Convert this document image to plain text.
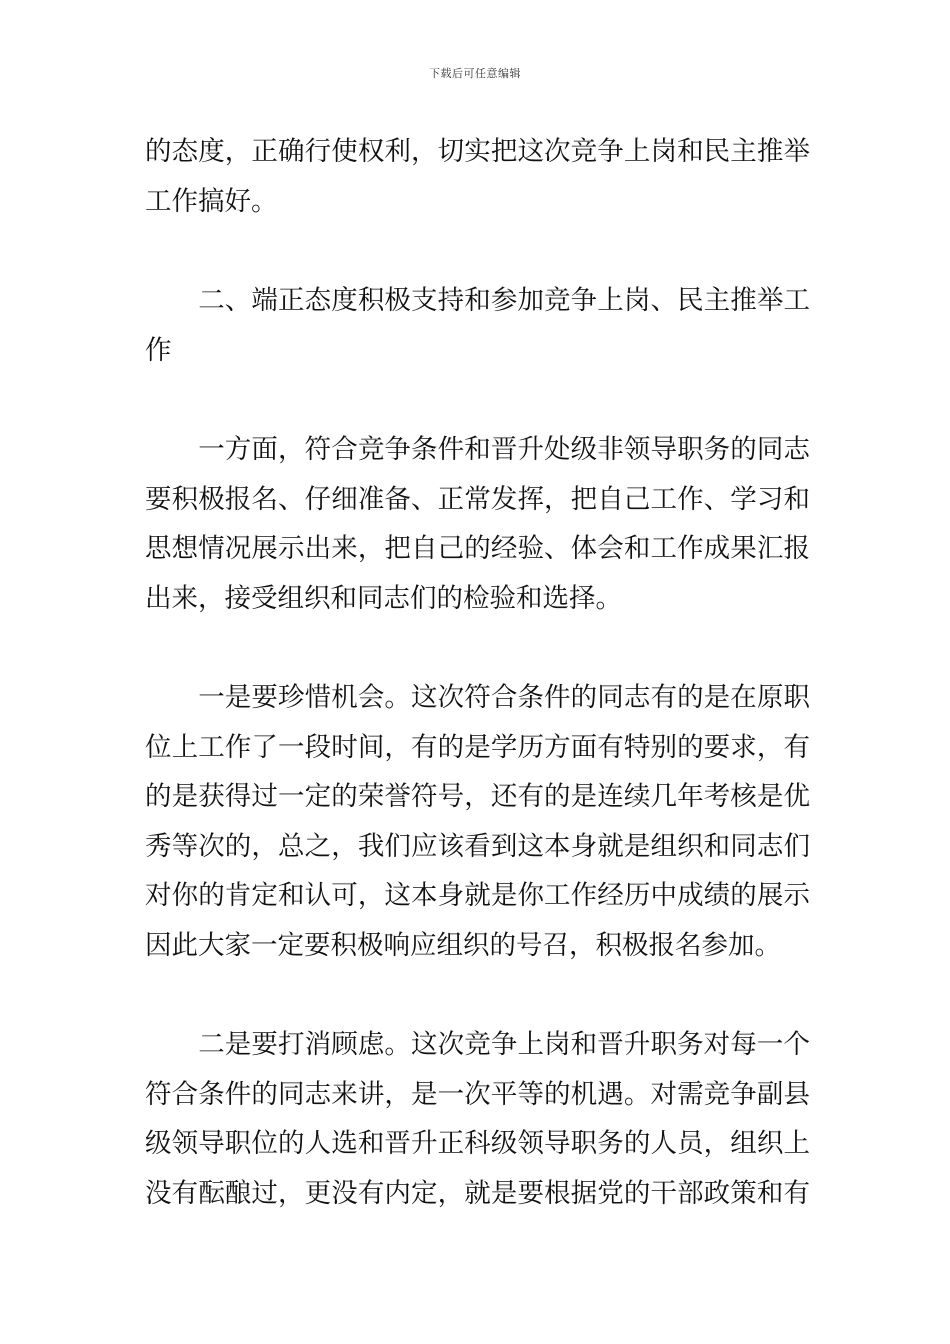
下载后可任意编辑

的态度，正确行使权利，切实把这次竞争上岗和民主推举
工作搞好。

　　二、端正态度积极支持和参加竞争上岗、民主推举工
作

　　一方面，符合竞争条件和晋升处级非领导职务的同志
要积极报名、仔细准备、正常发挥，把自己工作、学习和
思想情况展示出来，把自己的经验、体会和工作成果汇报
出来，接受组织和同志们的检验和选择。

　　一是要珍惜机会。这次符合条件的同志有的是在原职
位上工作了一段时间，有的是学历方面有特别的要求，有
的是获得过一定的荣誉符号，还有的是连续几年考核是优
秀等次的，总之，我们应该看到这本身就是组织和同志们
对你的肯定和认可，这本身就是你工作经历中成绩的展示
因此大家一定要积极响应组织的号召，积极报名参加。

　　二是要打消顾虑。这次竞争上岗和晋升职务对每一个
符合条件的同志来讲，是一次平等的机遇。对需竞争副县
级领导职位的人选和晋升正科级领导职务的人员，组织上
没有酝酿过，更没有内定，就是要根据党的干部政策和有
